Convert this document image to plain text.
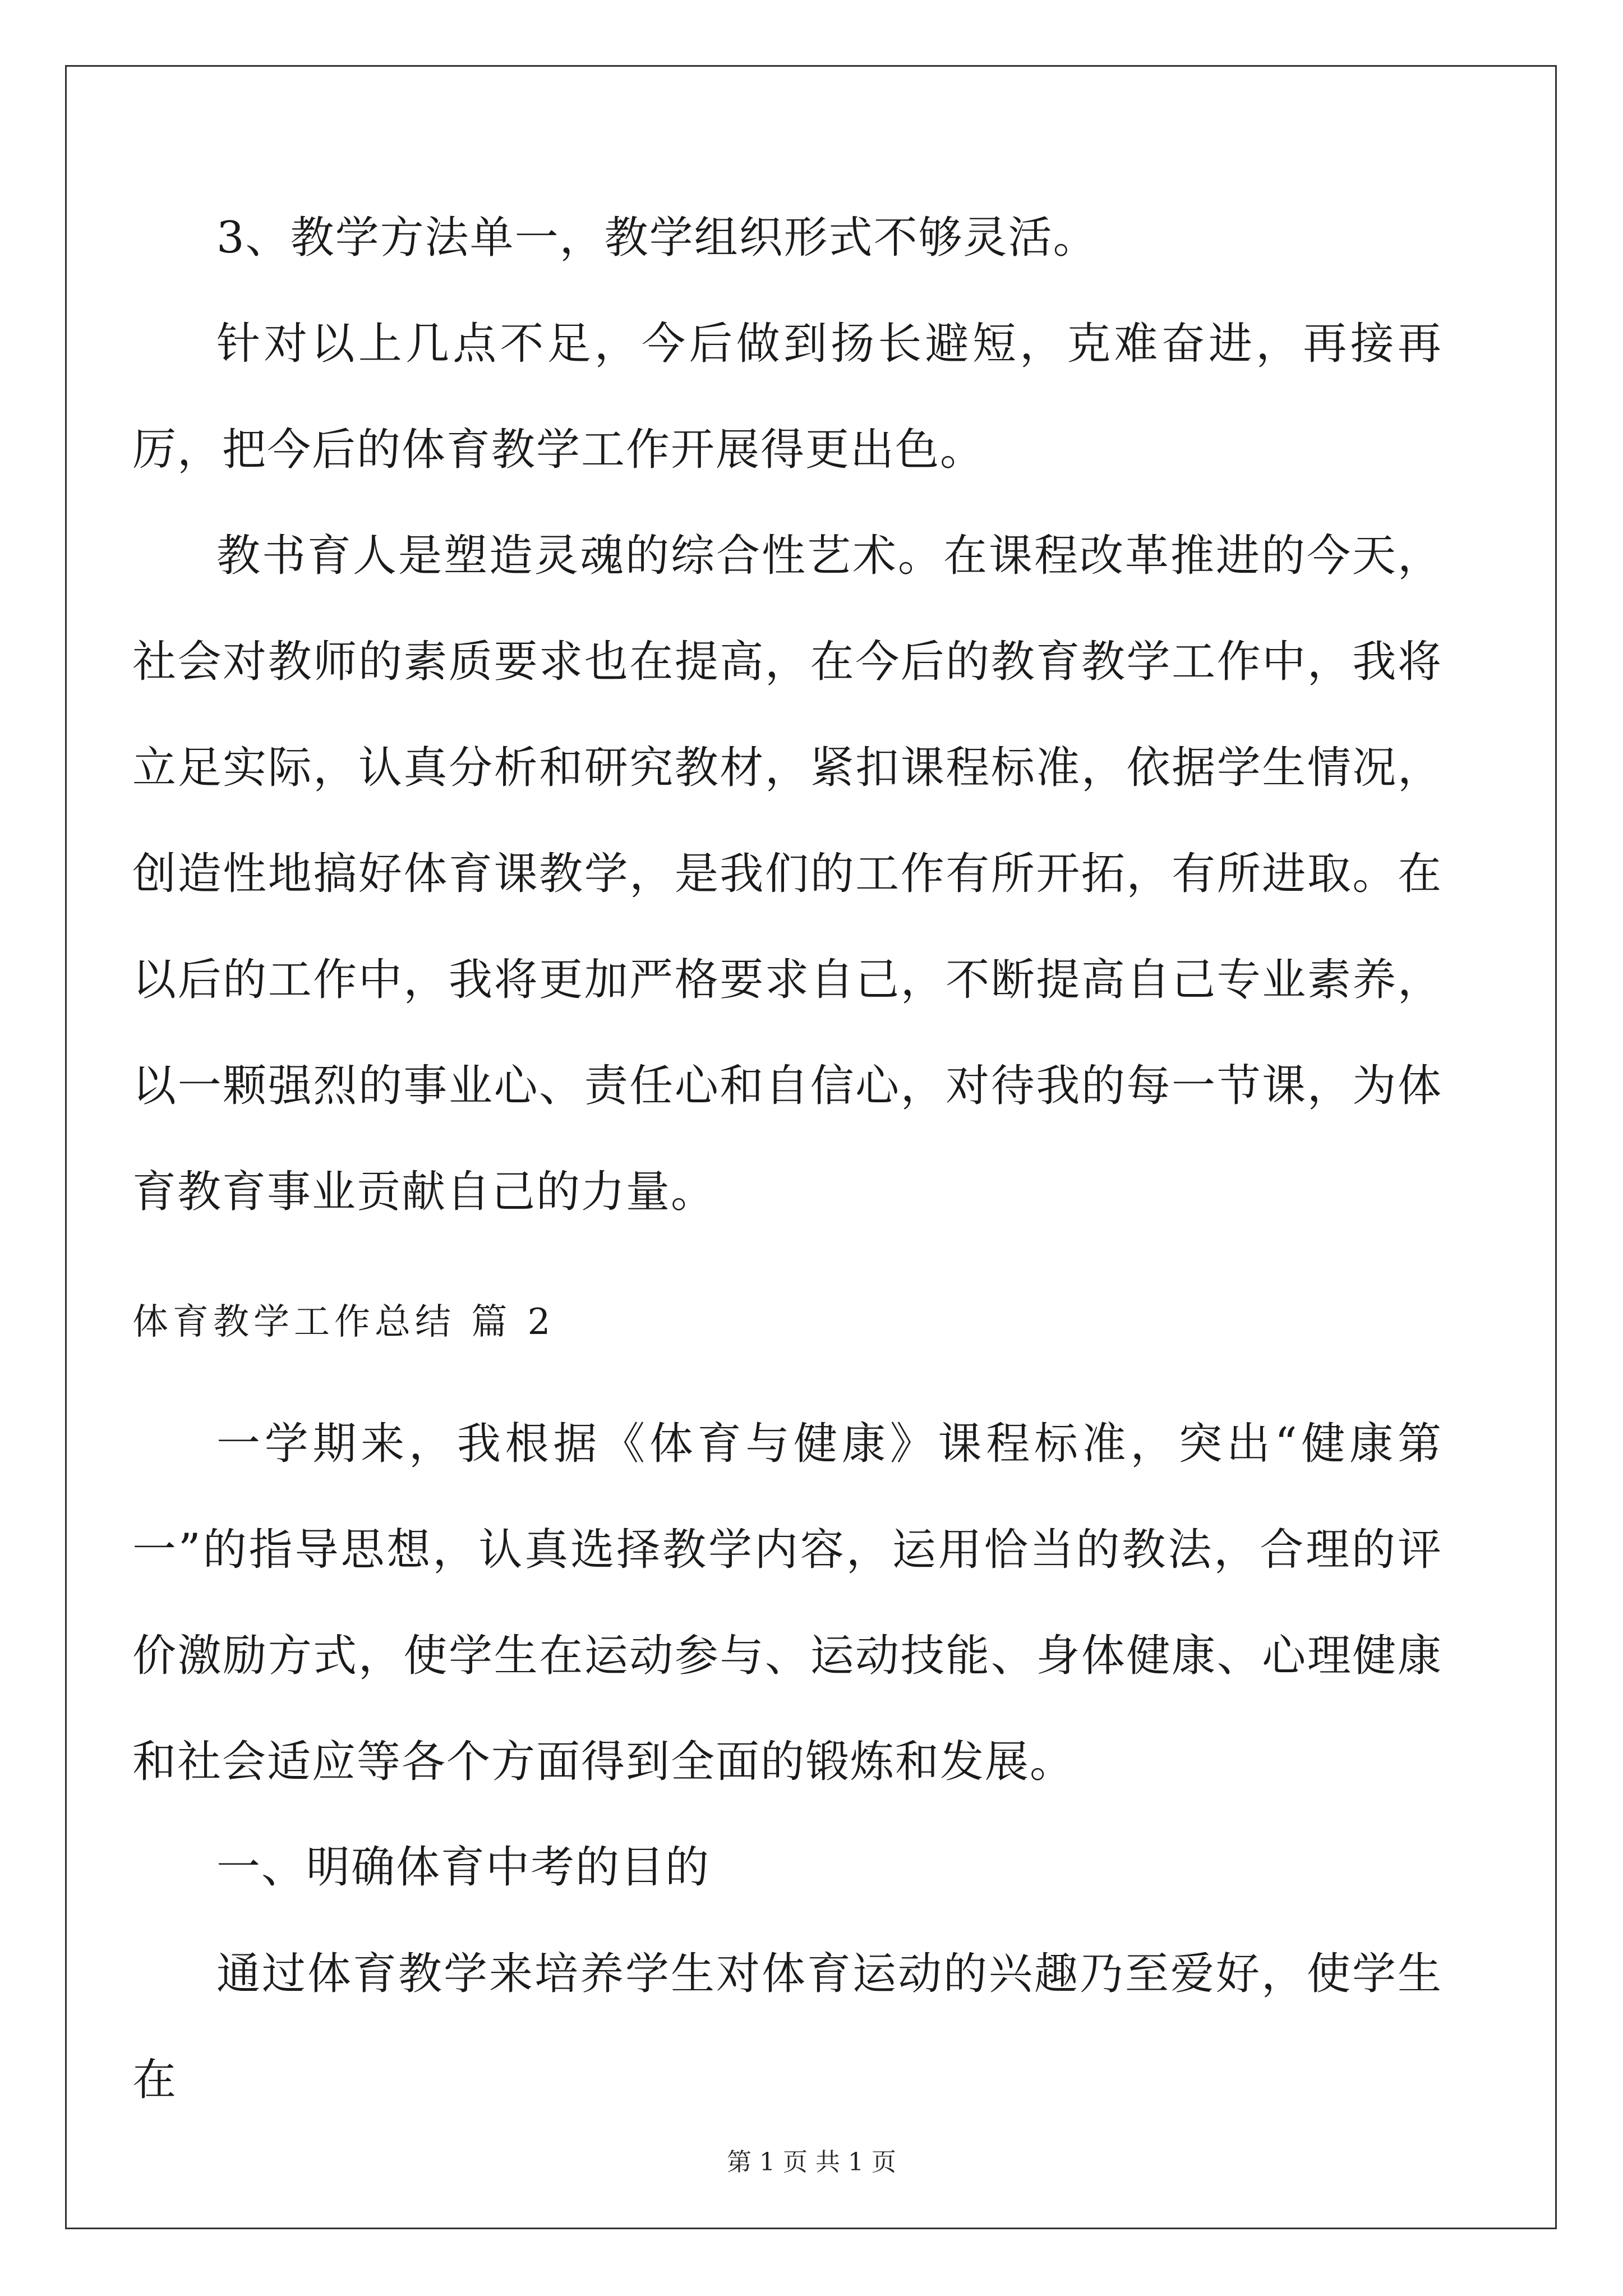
3、教学方法单一，教学组织形式不够灵活。

针对以上几点不足，今后做到扬长避短，克难奋进，再接再厉，把今后的体育教学工作开展得更出色。

教书育人是塑造灵魂的综合性艺术。在课程改革推进的今天，社会对教师的素质要求也在提高，在今后的教育教学工作中，我将立足实际，认真分析和研究教材，紧扣课程标准，依据学生情况，创造性地搞好体育课教学，是我们的工作有所开拓，有所进取。在以后的工作中，我将更加严格要求自己，不断提高自己专业素养，以一颗强烈的事业心、责任心和自信心，对待我的每一节课，为体育教育事业贡献自己的力量。

体育教学工作总结 篇 2

一学期来，我根据《体育与健康》课程标准，突出“健康第一”的指导思想，认真选择教学内容，运用恰当的教法，合理的评价激励方式，使学生在运动参与、运动技能、身体健康、心理健康和社会适应等各个方面得到全面的锻炼和发展。

一、明确体育中考的目的

通过体育教学来培养学生对体育运动的兴趣乃至爱好，使学生在

第 1 页 共 1 页
